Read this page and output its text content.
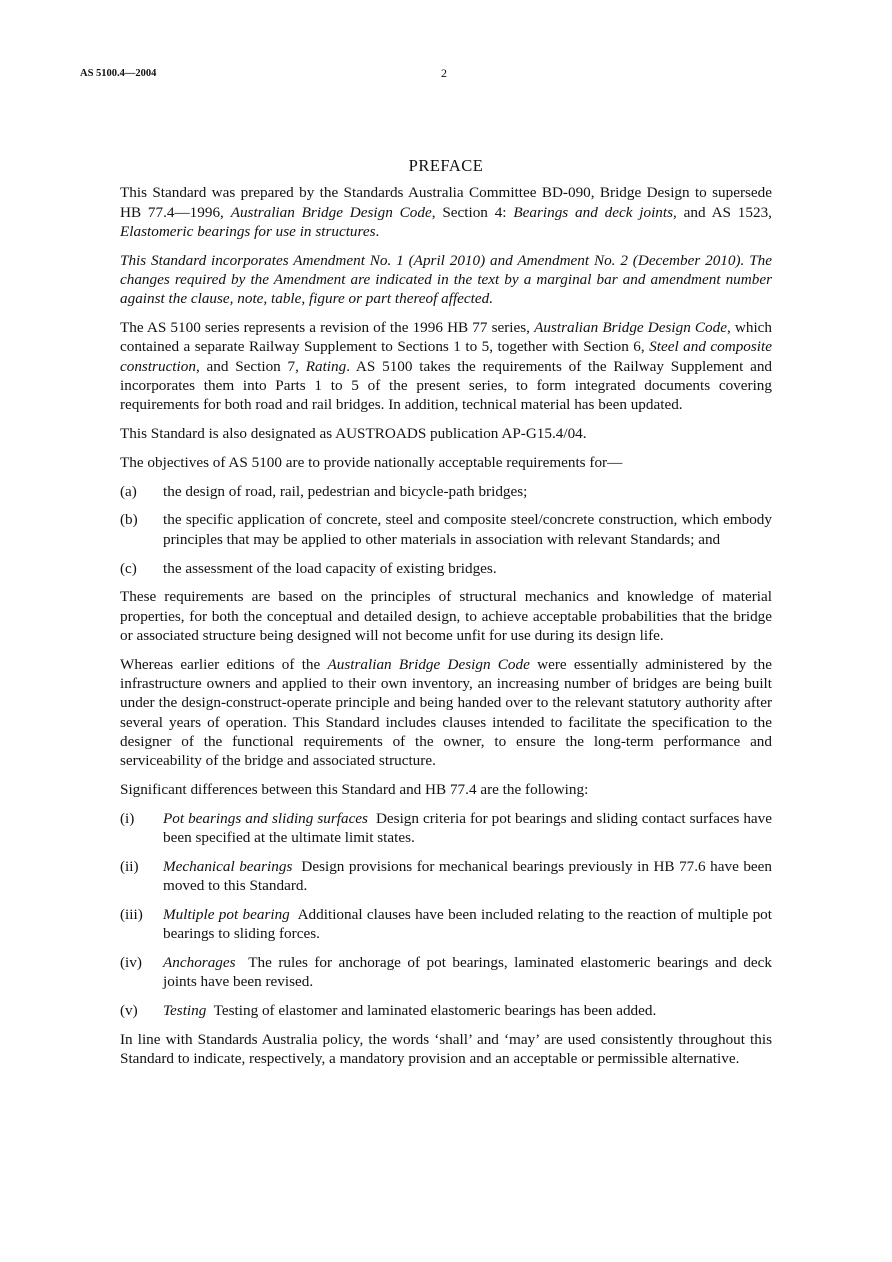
AS 5100.4—2004	2
PREFACE

This Standard was prepared by the Standards Australia Committee BD-090, Bridge Design to supersede HB 77.4—1996, Australian Bridge Design Code, Section 4: Bearings and deck joints, and AS 1523, Elastomeric bearings for use in structures.

This Standard incorporates Amendment No. 1 (April 2010) and Amendment No. 2 (December 2010). The changes required by the Amendment are indicated in the text by a marginal bar and amendment number against the clause, note, table, figure or part thereof affected.

The AS 5100 series represents a revision of the 1996 HB 77 series, Australian Bridge Design Code, which contained a separate Railway Supplement to Sections 1 to 5, together with Section 6, Steel and composite construction, and Section 7, Rating. AS 5100 takes the requirements of the Railway Supplement and incorporates them into Parts 1 to 5 of the present series, to form integrated documents covering requirements for both road and rail bridges. In addition, technical material has been updated.

This Standard is also designated as AUSTROADS publication AP-G15.4/04.

The objectives of AS 5100 are to provide nationally acceptable requirements for—

(a)	the design of road, rail, pedestrian and bicycle-path bridges;
(b)	the specific application of concrete, steel and composite steel/concrete construction, which embody principles that may be applied to other materials in association with relevant Standards; and
(c)	the assessment of the load capacity of existing bridges.

These requirements are based on the principles of structural mechanics and knowledge of material properties, for both the conceptual and detailed design, to achieve acceptable probabilities that the bridge or associated structure being designed will not become unfit for use during its design life.

Whereas earlier editions of the Australian Bridge Design Code were essentially administered by the infrastructure owners and applied to their own inventory, an increasing number of bridges are being built under the design-construct-operate principle and being handed over to the relevant statutory authority after several years of operation. This Standard includes clauses intended to facilitate the specification to the designer of the functional requirements of the owner, to ensure the long-term performance and serviceability of the bridge and associated structure.

Significant differences between this Standard and HB 77.4 are the following:

(i)	Pot bearings and sliding surfaces Design criteria for pot bearings and sliding contact surfaces have been specified at the ultimate limit states.
(ii)	Mechanical bearings Design provisions for mechanical bearings previously in HB 77.6 have been moved to this Standard.
(iii)	Multiple pot bearing Additional clauses have been included relating to the reaction of multiple pot bearings to sliding forces.
(iv)	Anchorages The rules for anchorage of pot bearings, laminated elastomeric bearings and deck joints have been revised.
(v)	Testing Testing of elastomer and laminated elastomeric bearings has been added.

In line with Standards Australia policy, the words ‘shall’ and ‘may’ are used consistently throughout this Standard to indicate, respectively, a mandatory provision and an acceptable or permissible alternative.
